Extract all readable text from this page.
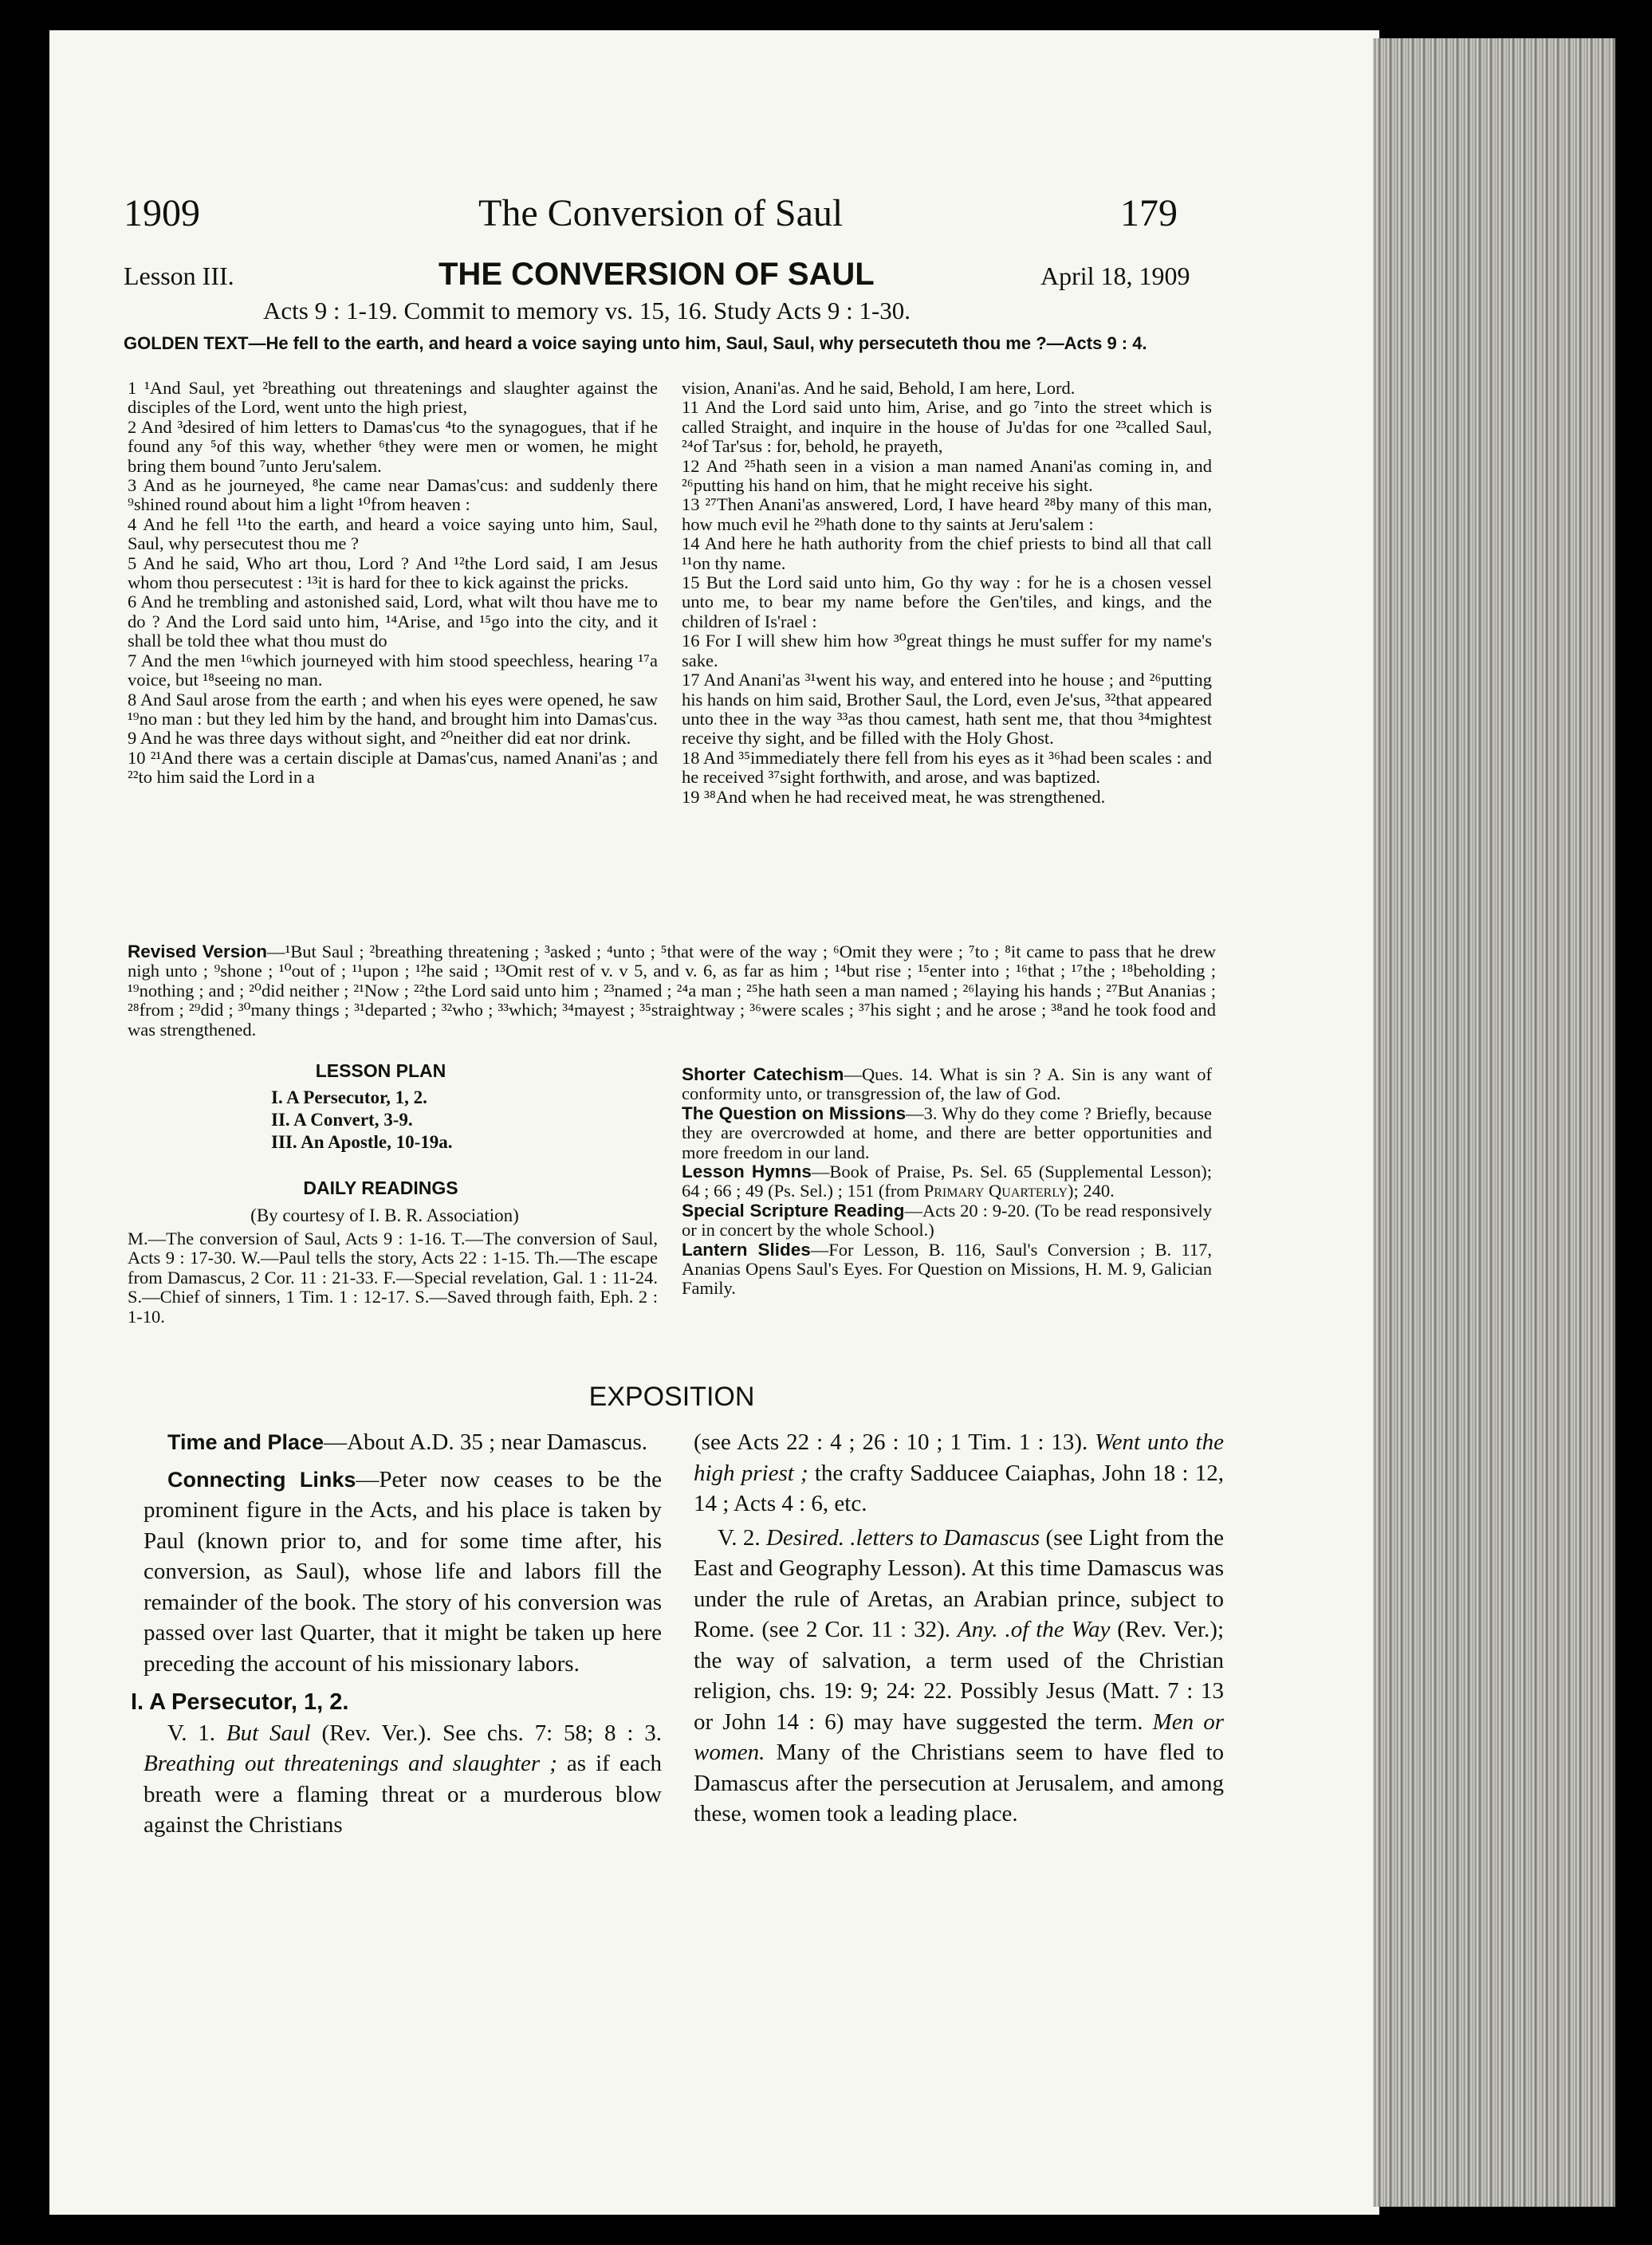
1909	The Conversion of Saul	179
Lesson III.	THE CONVERSION OF SAUL	April 18, 1909
Acts 9 : 1-19. Commit to memory vs. 15, 16. Study Acts 9 : 1-30.
GOLDEN TEXT—He fell to the earth, and heard a voice saying unto him, Saul, Saul, why persecuteth thou me ?—Acts 9 : 4.

1 ¹And Saul, yet ²breathing out threatenings and slaughter against the disciples of the Lord, went unto the high priest,

2 And ³desired of him letters to Damas'cus ⁴to the synagogues, that if he found any ⁵of this way, whether ⁶they were men or women, he might bring them bound ⁷unto Jeru'salem.

3 And as he journeyed, ⁸he came near Damas'cus: and suddenly there ⁹shined round about him a light ¹⁰from heaven :

4 And he fell ¹¹to the earth, and heard a voice saying unto him, Saul, Saul, why persecutest thou me ?

5 And he said, Who art thou, Lord ? And ¹²the Lord said, I am Jesus whom thou persecutest : ¹³it is hard for thee to kick against the pricks.

6 And he trembling and astonished said, Lord, what wilt thou have me to do ? And the Lord said unto him, ¹⁴Arise, and ¹⁵go into the city, and it shall be told thee what thou must do

7 And the men ¹⁶which journeyed with him stood speechless, hearing ¹⁷a voice, but ¹⁸seeing no man.

8 And Saul arose from the earth ; and when his eyes were opened, he saw ¹⁹no man : but they led him by the hand, and brought him into Damas'cus.

9 And he was three days without sight, and ²⁰neither did eat nor drink.

10 ²¹And there was a certain disciple at Damas'cus, named Anani'as ; and ²²to him said the Lord in a

vision, Anani'as. And he said, Behold, I am here, Lord.

11 And the Lord said unto him, Arise, and go ⁷into the street which is called Straight, and inquire in the house of Ju'das for one ²³called Saul, ²⁴of Tar'sus : for, behold, he prayeth,

12 And ²⁵hath seen in a vision a man named Anani'as coming in, and ²⁶putting his hand on him, that he might receive his sight.

13 ²⁷Then Anani'as answered, Lord, I have heard ²⁸by many of this man, how much evil he ²⁹hath done to thy saints at Jeru'salem :

14 And here he hath authority from the chief priests to bind all that call ¹¹on thy name.

15 But the Lord said unto him, Go thy way : for he is a chosen vessel unto me, to bear my name before the Gen'tiles, and kings, and the children of Is'rael :

16 For I will shew him how ³⁰great things he must suffer for my name's sake.

17 And Anani'as ³¹went his way, and entered into he house ; and ²⁶putting his hands on him said, Brother Saul, the Lord, even Je'sus, ³²that appeared unto thee in the way ³³as thou camest, hath sent me, that thou ³⁴mightest receive thy sight, and be filled with the Holy Ghost.

18 And ³⁵immediately there fell from his eyes as it ³⁶had been scales : and he received ³⁷sight forthwith, and arose, and was baptized.

19 ³⁸And when he had received meat, he was strengthened.

Revised Version—¹But Saul ; ²breathing threatening ; ³asked ; ⁴unto ; ⁵that were of the way ; ⁶Omit they were ; ⁷to ; ⁸it came to pass that he drew nigh unto ; ⁹shone ; ¹⁰out of ; ¹¹upon ; ¹²he said ; ¹³Omit rest of v. v 5, and v. 6, as far as him ; ¹⁴but rise ; ¹⁵enter into ; ¹⁶that ; ¹⁷the ; ¹⁸beholding ; ¹⁹nothing ; and ; ²⁰did neither ; ²¹Now ; ²²the Lord said unto him ; ²³named ; ²⁴a man ; ²⁵he hath seen a man named ; ²⁶laying his hands ; ²⁷But Ananias ; ²⁸from ; ²⁹did ; ³⁰many things ; ³¹departed ; ³²who ; ³³which; ³⁴mayest ; ³⁵straightway ; ³⁶were scales ; ³⁷his sight ; and he arose ; ³⁸and he took food and was strengthened.
LESSON PLAN
I. A Persecutor, 1, 2.
II. A Convert, 3-9.
III. An Apostle, 10-19a.
DAILY READINGS
(By courtesy of I. B. R. Association)
M.—The conversion of Saul, Acts 9 : 1-16. T.—The conversion of Saul, Acts 9 : 17-30. W.—Paul tells the story, Acts 22 : 1-15. Th.—The escape from Damascus, 2 Cor. 11 : 21-33. F.—Special revelation, Gal. 1 : 11-24. S.—Chief of sinners, 1 Tim. 1 : 12-17. S.—Saved through faith, Eph. 2 : 1-10.

Shorter Catechism—Ques. 14. What is sin ? A. Sin is any want of conformity unto, or transgression of, the law of God.

The Question on Missions—3. Why do they come ? Briefly, because they are overcrowded at home, and there are better opportunities and more freedom in our land.

Lesson Hymns—Book of Praise, Ps. Sel. 65 (Supplemental Lesson); 64 ; 66 ; 49 (Ps. Sel.) ; 151 (from Primary Quarterly); 240.

Special Scripture Reading—Acts 20 : 9-20. (To be read responsively or in concert by the whole School.)

Lantern Slides—For Lesson, B. 116, Saul's Conversion ; B. 117, Ananias Opens Saul's Eyes. For Question on Missions, H. M. 9, Galician Family.

EXPOSITION

Time and Place—About A.D. 35 ; near Damascus.

Connecting Links—Peter now ceases to be the prominent figure in the Acts, and his place is taken by Paul (known prior to, and for some time after, his conversion, as Saul), whose life and labors fill the remainder of the book. The story of his conversion was passed over last Quarter, that it might be taken up here preceding the account of his missionary labors.

I. A Persecutor, 1, 2.

V. 1. But Saul (Rev. Ver.). See chs. 7: 58; 8 : 3. Breathing out threatenings and slaughter ; as if each breath were a flaming threat or a murderous blow against the Christians

(see Acts 22 : 4 ; 26 : 10 ; 1 Tim. 1 : 13). Went unto the high priest ; the crafty Sadducee Caiaphas, John 18 : 12, 14 ; Acts 4 : 6, etc.

V. 2. Desired. .letters to Damascus (see Light from the East and Geography Lesson). At this time Damascus was under the rule of Aretas, an Arabian prince, subject to Rome. (see 2 Cor. 11 : 32). Any. .of the Way (Rev. Ver.); the way of salvation, a term used of the Christian religion, chs. 19: 9; 24: 22. Possibly Jesus (Matt. 7 : 13 or John 14 : 6) may have suggested the term. Men or women. Many of the Christians seem to have fled to Damascus after the persecution at Jerusalem, and among these, women took a leading place.
